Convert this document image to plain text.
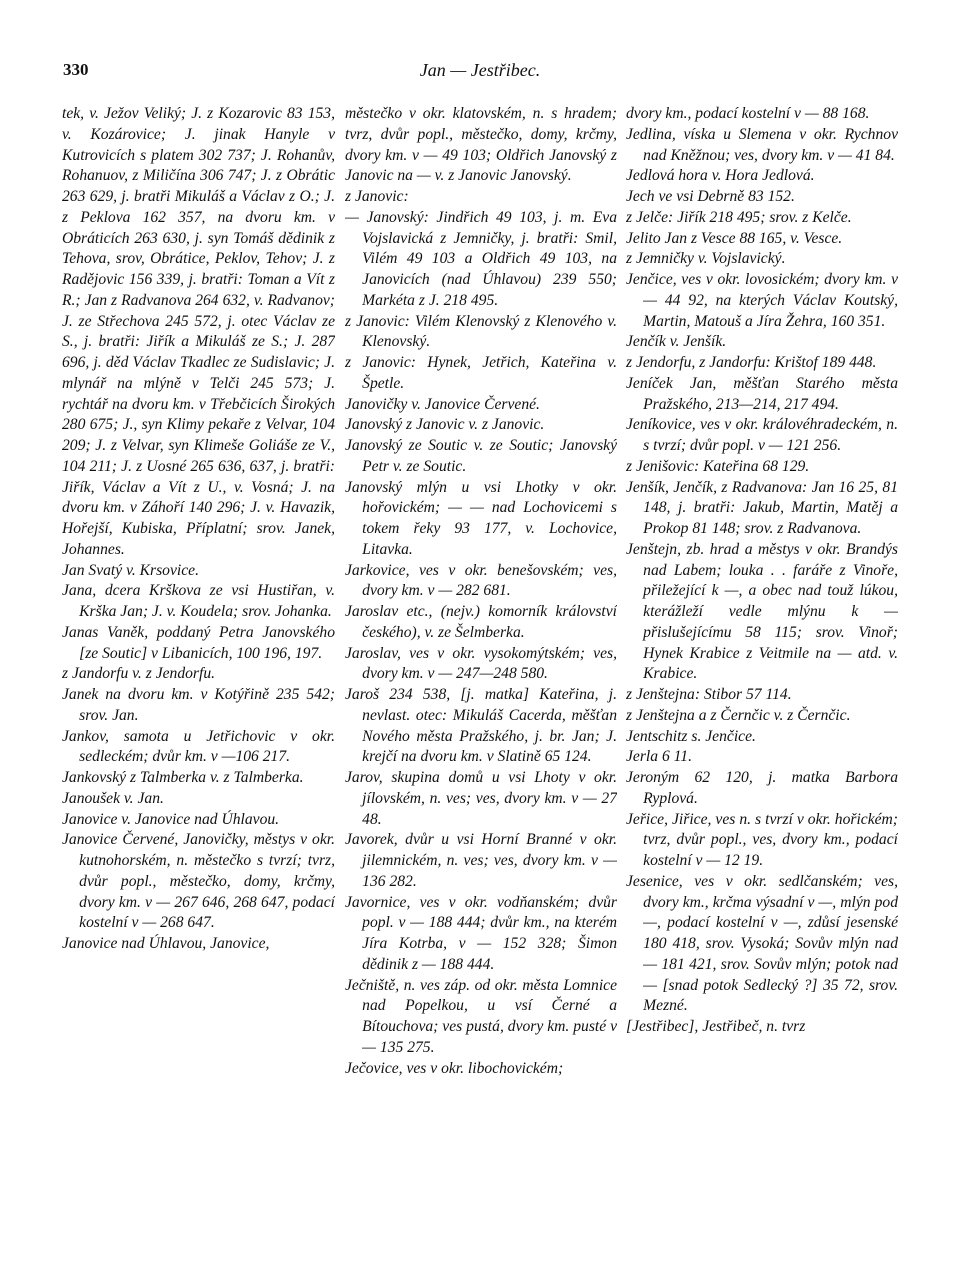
330	Jan — Jestřibec.

tek, v. Ježov Veliký; J. z Kozarovic 83 153, v. Kozárovice; J. jinak Hanyle v Kutrovicích s platem 302 737; J. Rohanův, Rohanuov, z Miličína 306 747; J. z Obrátic 263 629, j. bratři Mikuláš a Václav z O.; J. z Peklova 162 357, na dvoru km. v Obráticích 263 630, j. syn Tomáš dědinik z Tehova, srov, Obrátice, Peklov, Tehov; J. z Radějovic 156 339, j. bratři: Toman a Vít z R.; Jan z Radvanova 264 632, v. Radvanov; J. ze Střechova 245 572, j. otec Václav ze S., j. bratři: Jiřík a Mikuláš ze S.; J. 287 696, j. děd Václav Tkadlec ze Sudislavic; J. mlynář na mlýně v Telči 245 573; J. rychtář na dvoru km. v Třebčicích Širokých 280 675; J., syn Klimy pekaře z Velvar, 104 209; J. z Velvar, syn Klimeše Goliáše ze V., 104 211; J. z Uosné 265 636, 637, j. bratři: Jiřík, Václav a Vít z U., v. Vosná; J. na dvoru km. v Záhoří 140 296; J. v. Havazik, Hořejší, Kubiska, Příplatní; srov. Janek, Johannes.

Jan Svatý v. Krsovice.

Jana, dcera Krškova ze vsi Hustiřan, v. Krška Jan; J. v. Koudela; srov. Johanka.

Janas Vaněk, poddaný Petra Janovského [ze Soutic] v Libanicích, 100 196, 197.

z Jandorfu v. z Jendorfu.

Janek na dvoru km. v Kotýřině 235 542; srov. Jan.

Jankov, samota u Jetřichovic v okr. sedleckém; dvůr km. v —106 217.

Jankovský z Talmberka v. z Talmberka.

Janoušek v. Jan.

Janovice v. Janovice nad Úhlavou.

Janovice Červené, Janovičky, městys v okr. kutnohorském, n. městečko s tvrzí; tvrz, dvůr popl., městečko, domy, krčmy, dvory km. v — 267 646, 268 647, podací kostelní v — 268 647.

Janovice nad Úhlavou, Janovice,

městečko v okr. klatovském, n. s hradem; tvrz, dvůr popl., městečko, domy, krčmy, dvory km. v — 49 103; Oldřich Janovský z Janovic na — v. z Janovic Janovský.

z Janovic:

— Janovský: Jindřich 49 103, j. m. Eva Vojslavická z Jemničky, j. bratři: Smil, Vilém 49 103 a Oldřich 49 103, na Janovicích (nad Úhlavou) 239 550; Markéta z J. 218 495.

z Janovic: Vilém Klenovský z Klenového v. Klenovský.

z Janovic: Hynek, Jetřich, Kateřina v. Špetle.

Janovičky v. Janovice Červené.

Janovský z Janovic v. z Janovic.

Janovský ze Soutic v. ze Soutic; Janovský Petr v. ze Soutic.

Janovský mlýn u vsi Lhotky v okr. hořovickém; — — nad Lochovicemi s tokem řeky 93 177, v. Lochovice, Litavka.

Jarkovice, ves v okr. benešovském; ves, dvory km. v — 282 681.

Jaroslav etc., (nejv.) komorník království českého), v. ze Šelmberka.

Jaroslav, ves v okr. vysokomýtském; ves, dvory km. v — 247—248 580.

Jaroš 234 538, [j. matka] Kateřina, j. nevlast. otec: Mikuláš Cacerda, měšťan Nového města Pražského, j. br. Jan; J. krejčí na dvoru km. v Slatině 65 124.

Jarov, skupina domů u vsi Lhoty v okr. jílovském, n. ves; ves, dvory km. v — 27 48.

Javorek, dvůr u vsi Horní Branné v okr. jilemnickém, n. ves; ves, dvory km. v — 136 282.

Javornice, ves v okr. vodňanském; dvůr popl. v — 188 444; dvůr km., na kterém Jíra Kotrba, v — 152 328; Šimon dědinik z — 188 444.

Ječniště, n. ves záp. od okr. města Lomnice nad Popelkou, u vsí Černé a Bítouchova; ves pustá, dvory km. pusté v — 135 275.

Ječovice, ves v okr. libochovickém;

dvory km., podací kostelní v — 88 168.

Jedlina, víska u Slemena v okr. Rychnov nad Kněžnou; ves, dvory km. v — 41 84.

Jedlová hora v. Hora Jedlová.

Jech ve vsi Debrně 83 152.

z Jelče: Jiřík 218 495; srov. z Kelče.

Jelito Jan z Vesce 88 165, v. Vesce.

z Jemničky v. Vojslavický.

Jenčice, ves v okr. lovosickém; dvory km. v — 44 92, na kterých Václav Koutský, Martin, Matouš a Jíra Žehra, 160 351.

Jenčík v. Jenšík.

z Jendorfu, z Jandorfu: Krištof 189 448.

Jeníček Jan, měšťan Starého města Pražského, 213—214, 217 494.

Jeníkovice, ves v okr. královéhradeckém, n. s tvrzí; dvůr popl. v — 121 256.

z Jenišovic: Kateřina 68 129.

Jenšík, Jenčík, z Radvanova: Jan 16 25, 81 148, j. bratři: Jakub, Martin, Matěj a Prokop 81 148; srov. z Radvanova.

Jenštejn, zb. hrad a městys v okr. Brandýs nad Labem; louka . . faráře z Vinoře, přiležející k —, a obec nad touž lúkou, kterážleží vedle mlýnu k — přislušejícímu 58 115; srov. Vinoř; Hynek Krabice z Veitmile na — atd. v. Krabice.

z Jenštejna: Stibor 57 114.

z Jenštejna a z Černčic v. z Černčic.

Jentschitz s. Jenčice.

Jerla 6 11.

Jeroným 62 120, j. matka Barbora Ryplová.

Jeřice, Jiřice, ves n. s tvrzí v okr. hořickém; tvrz, dvůr popl., ves, dvory km., podací kostelní v — 12 19.

Jesenice, ves v okr. sedlčanském; ves, dvory km., krčma výsadní v —, mlýn pod —, podací kostelní v —, zdůsí jesenské 180 418, srov. Vysoká; Sovův mlýn nad — 181 421, srov. Sovův mlýn; potok nad — [snad potok Sedlecký ?] 35 72, srov. Mezné.

[Jestřibec], Jestřibeč, n. tvrz
